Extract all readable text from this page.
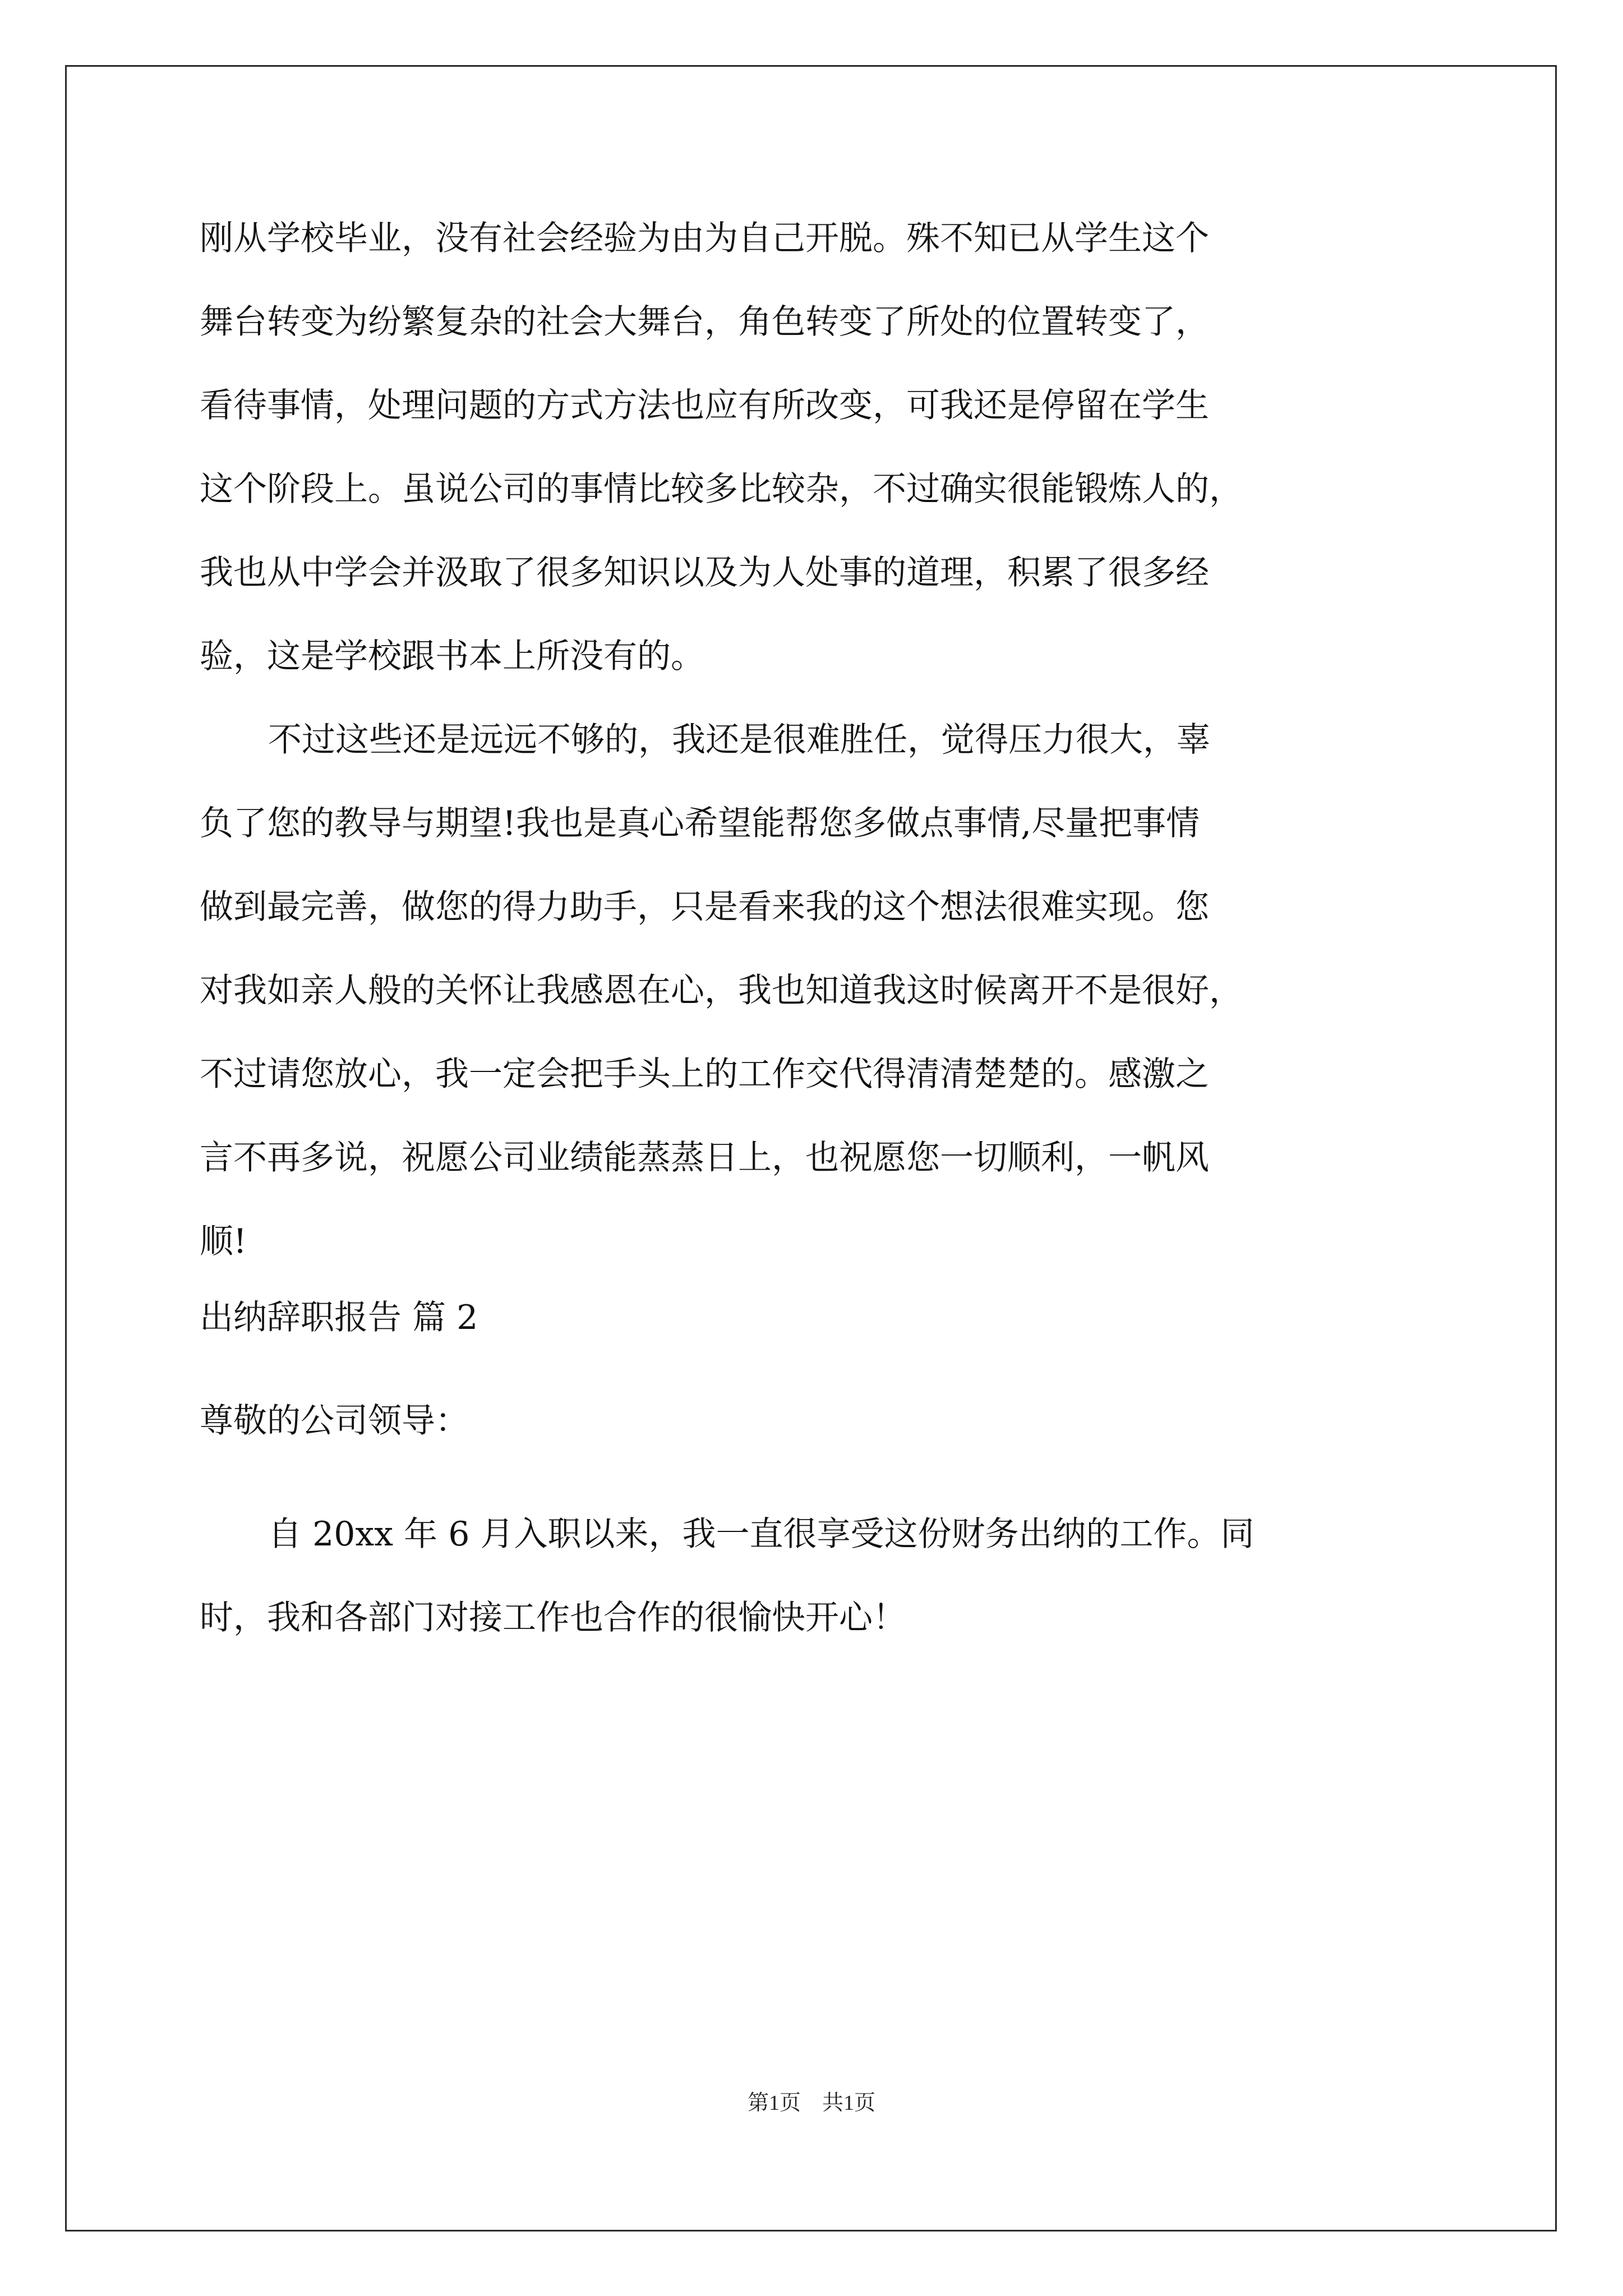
刚从学校毕业，没有社会经验为由为自己开脱。殊不知已从学生这个
舞台转变为纷繁复杂的社会大舞台，角色转变了所处的位置转变了，
看待事情，处理问题的方式方法也应有所改变，可我还是停留在学生
这个阶段上。虽说公司的事情比较多比较杂，不过确实很能锻炼人的，
我也从中学会并汲取了很多知识以及为人处事的道理，积累了很多经
验，这是学校跟书本上所没有的。
不过这些还是远远不够的，我还是很难胜任，觉得压力很大，辜
负了您的教导与期望!我也是真心希望能帮您多做点事情,尽量把事情
做到最完善，做您的得力助手，只是看来我的这个想法很难实现。您
对我如亲人般的关怀让我感恩在心，我也知道我这时候离开不是很好，
不过请您放心，我一定会把手头上的工作交代得清清楚楚的。感激之
言不再多说，祝愿公司业绩能蒸蒸日上，也祝愿您一切顺利，一帆风
顺!
出纳辞职报告 篇 2
尊敬的公司领导：
自 20xx 年 6 月入职以来，我一直很享受这份财务出纳的工作。同
时，我和各部门对接工作也合作的很愉快开心！
第1页　共1页
